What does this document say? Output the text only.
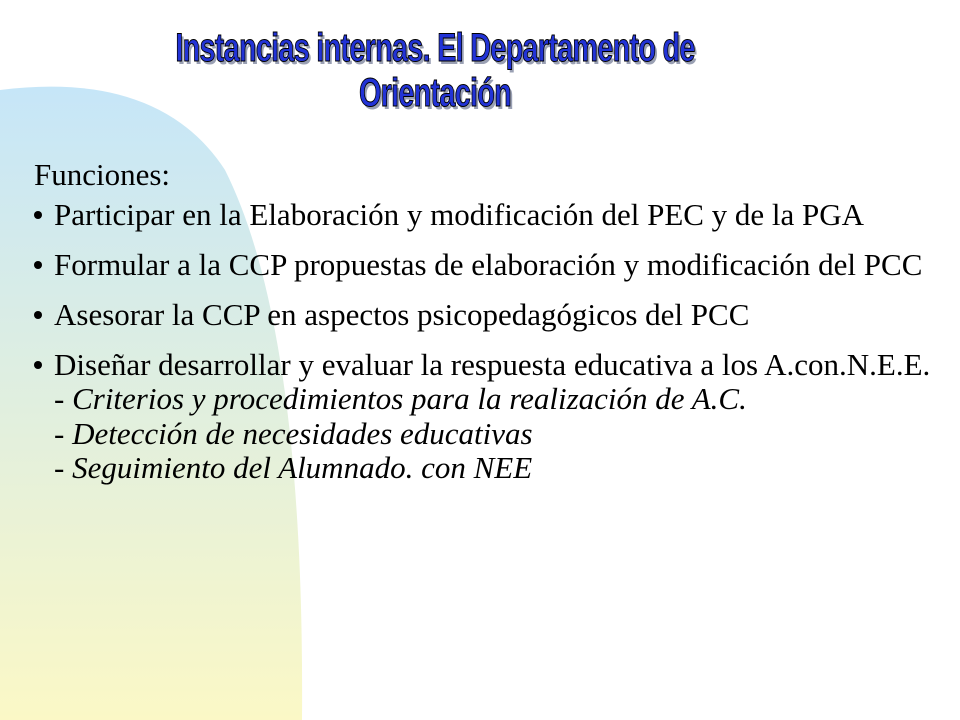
Instancias internas. El Departamento de Orientación
Funciones:
Participar en la Elaboración y modificación del PEC y de la PGA
Formular a la CCP propuestas de elaboración y modificación del PCC
Asesorar la CCP en aspectos psicopedagógicos del PCC
Diseñar desarrollar y evaluar la respuesta educativa a los A.con.N.E.E.
- Criterios y procedimientos para la realización de A.C.
- Detección de necesidades educativas
- Seguimiento del Alumnado. con NEE
